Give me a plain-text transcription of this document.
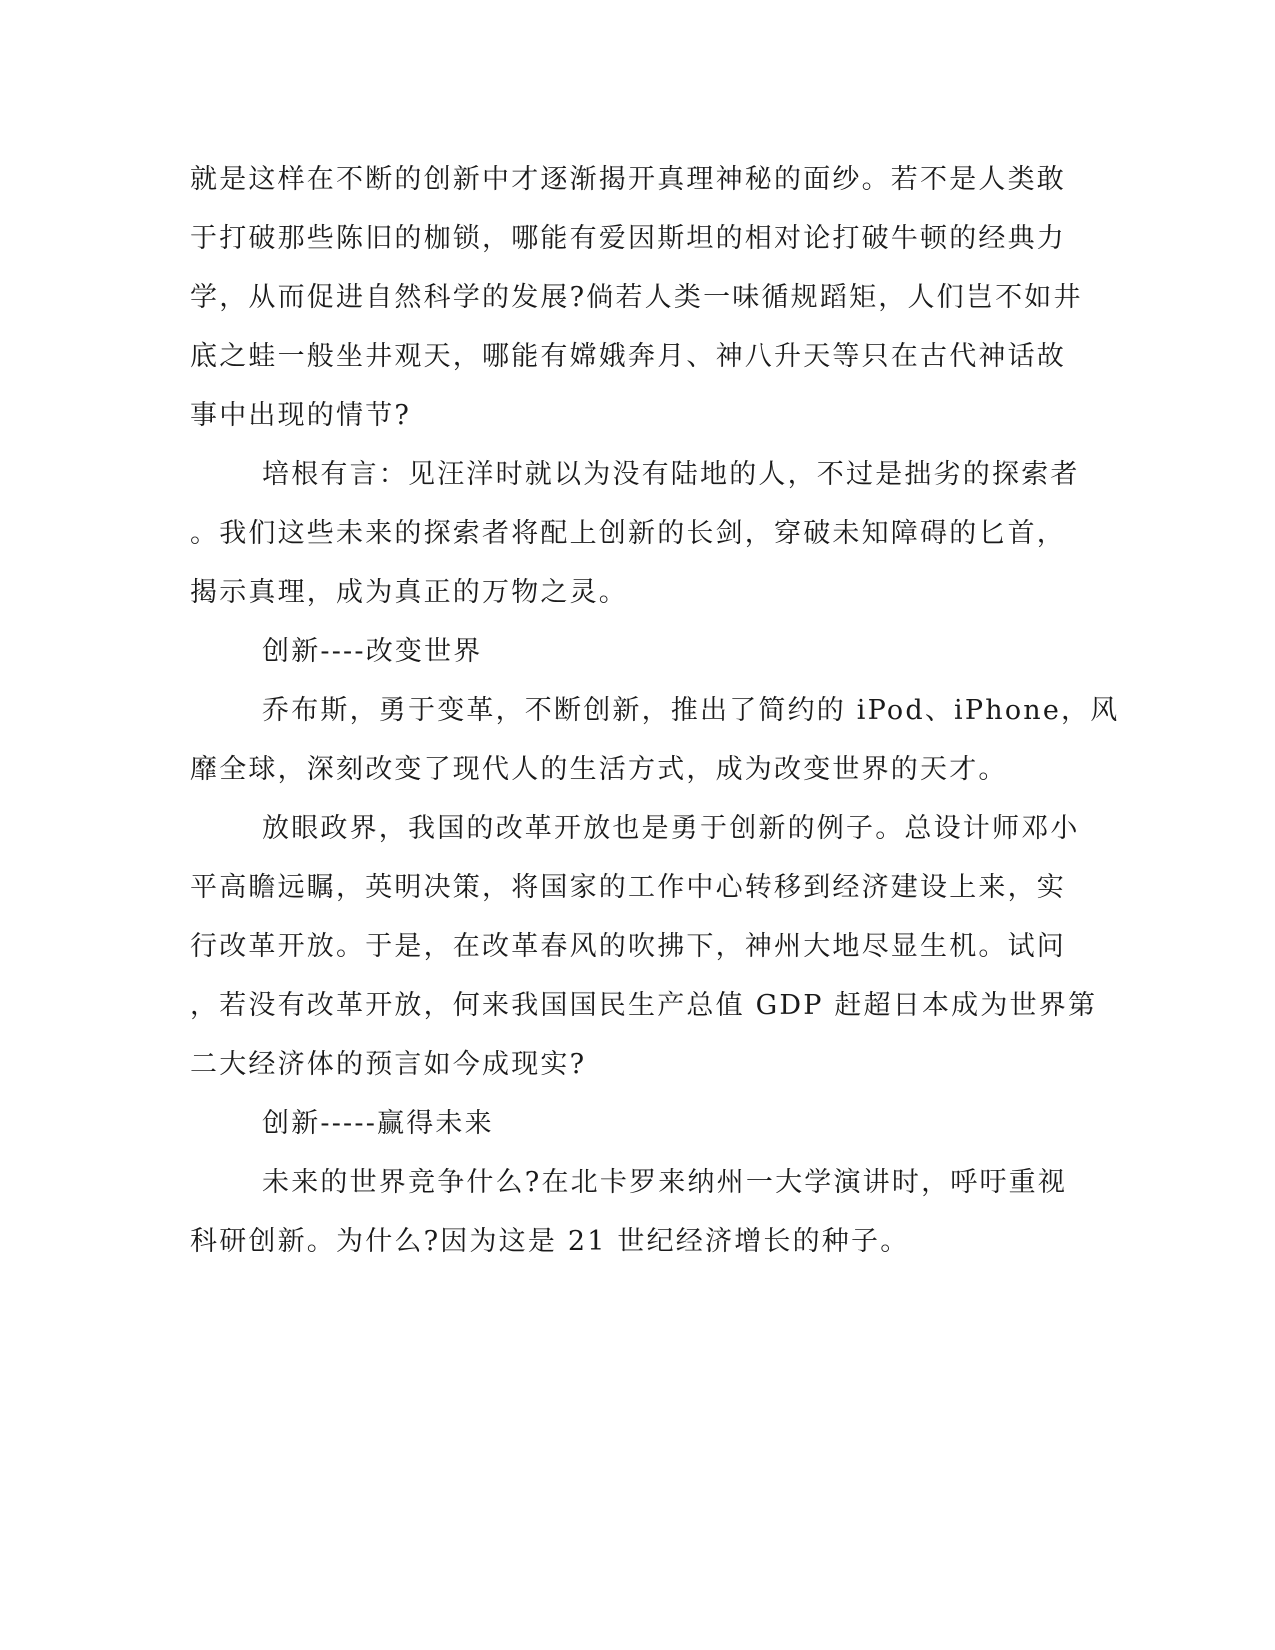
就是这样在不断的创新中才逐渐揭开真理神秘的面纱。若不是人类敢
于打破那些陈旧的枷锁，哪能有爱因斯坦的相对论打破牛顿的经典力
学，从而促进自然科学的发展?倘若人类一味循规蹈矩，人们岂不如井
底之蛙一般坐井观天，哪能有嫦娥奔月、神八升天等只在古代神话故
事中出现的情节?
培根有言：见汪洋时就以为没有陆地的人，不过是拙劣的探索者
。我们这些未来的探索者将配上创新的长剑，穿破未知障碍的匕首，
揭示真理，成为真正的万物之灵。
创新----改变世界
乔布斯，勇于变革，不断创新，推出了简约的 iPod、iPhone，风
靡全球，深刻改变了现代人的生活方式，成为改变世界的天才。
放眼政界，我国的改革开放也是勇于创新的例子。总设计师邓小
平高瞻远瞩，英明决策，将国家的工作中心转移到经济建设上来，实
行改革开放。于是，在改革春风的吹拂下，神州大地尽显生机。试问
，若没有改革开放，何来我国国民生产总值 GDP 赶超日本成为世界第
二大经济体的预言如今成现实?
创新-----赢得未来
未来的世界竞争什么?在北卡罗来纳州一大学演讲时，呼吁重视
科研创新。为什么?因为这是 21 世纪经济增长的种子。
